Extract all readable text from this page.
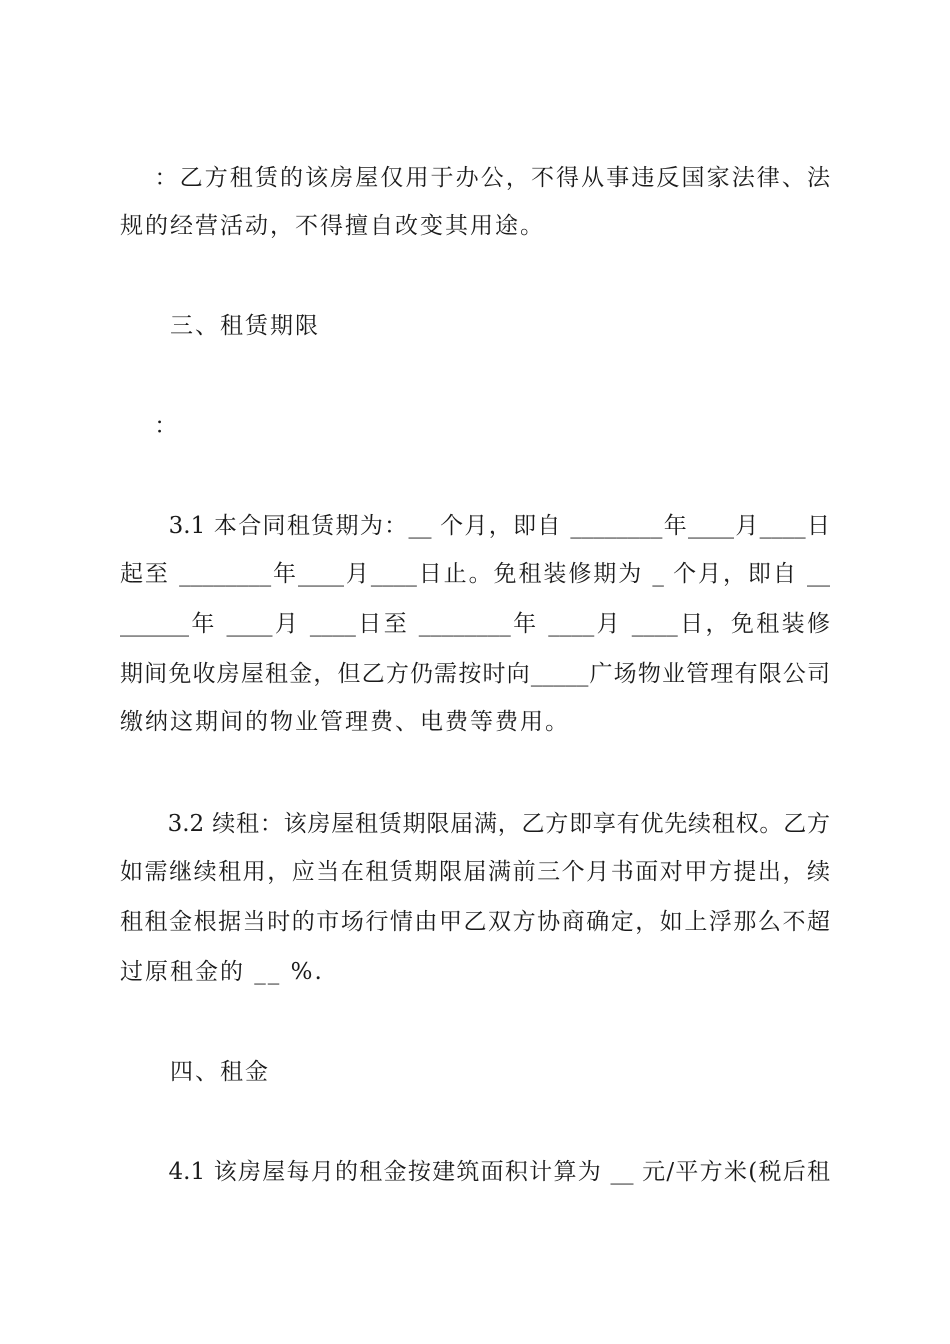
　 ：乙方租赁的该房屋仅用于办公，不得从事违反国家法律、法
规的经营活动，不得擅自改变其用途。
　　三、租赁期限
　 ：
　　3.1 本合同租赁期为：__ 个月，即自 ________年____月____日
起至 ________年____月____日止。免租装修期为 _ 个月，即自 __
______年 ____月 ____日至 ________年 ____月 ____日，免租装修
期间免收房屋租金，但乙方仍需按时向_____广场物业管理有限公司
缴纳这期间的物业管理费、电费等费用。
　　3.2 续租：该房屋租赁期限届满，乙方即享有优先续租权。乙方
如需继续租用，应当在租赁期限届满前三个月书面对甲方提出，续
租租金根据当时的市场行情由甲乙双方协商确定，如上浮那么不超
过原租金的 __ %.
　　四、租金
　　4.1 该房屋每月的租金按建筑面积计算为 __ 元/平方米(税后租
